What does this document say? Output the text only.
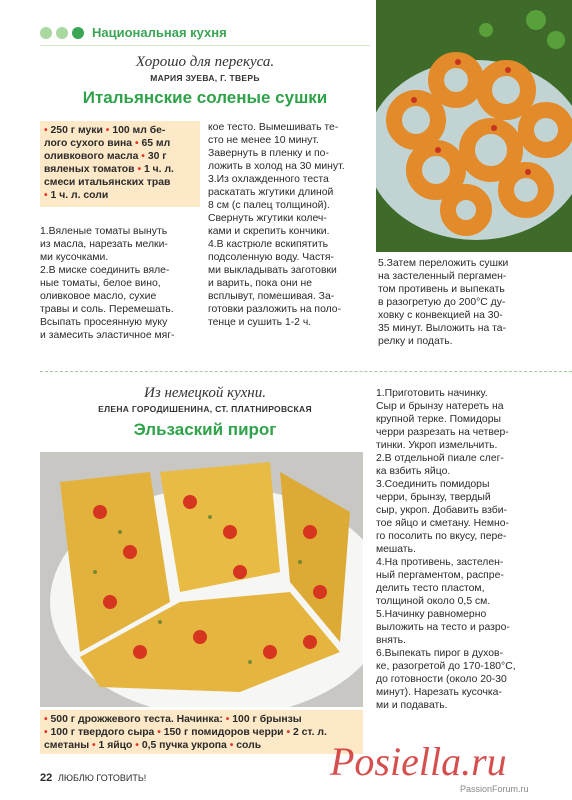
Национальная кухня
Хорошо для перекуса.
МАРИЯ ЗУЕВА, Г. ТВЕРЬ
Итальянские соленые сушки
• 250 г муки • 100 мл бе-
лого сухого вина • 65 мл
оливкового масла • 30 г
вяленых томатов • 1 ч. л.
смеси итальянских трав
• 1 ч. л. соли

1.Вяленые томаты вынуть

из масла, нарезать мелки-

ми кусочками.

2.В миске соединить вяле-

ные томаты, белое вино,

оливковое масло, сухие

травы и соль. Перемешать.

Всыпать просеянную муку

и замесить эластичное мяг-

кое тесто. Вымешивать те-

сто не менее 10 минут.

Завернуть в пленку и по-

ложить в холод на 30 минут.

3.Из охлажденного теста

раскатать жгутики длиной

8 см (с палец толщиной).

Свернуть жгутики колеч-

ками и скрепить кончики.

4.В кастрюле вскипятить

подсоленную воду. Частя-

ми выкладывать заготовки

и варить, пока они не

всплывут, помешивая. За-

готовки разложить на поло-

тенце и сушить 1-2 ч.

5.Затем переложить сушки

на застеленный пергамен-

том противень и выпекать

в разогретую до 200°С ду-

ховку с конвекцией на 30-

35 минут. Выложить на та-

релку и подать.

Из немецкой кухни.
ЕЛЕНА ГОРОДИШЕНИНА, СТ. ПЛАТНИРОВСКАЯ
Эльзаский пирог
• 500 г дрожжевого теста. Начинка: • 100 г брынзы
• 100 г твердого сыра • 150 г помидоров черри • 2 ст. л.
сметаны • 1 яйцо • 0,5 пучка укропа • соль

1.Приготовить начинку.

Сыр и брынзу натереть на

крупной терке. Помидоры

черри разрезать на четвер-

тинки. Укроп измельчить.

2.В отдельной пиале слег-

ка взбить яйцо.

3.Соединить помидоры

черри, брынзу, твердый

сыр, укроп. Добавить взби-

тое яйцо и сметану. Немно-

го посолить по вкусу, пере-

мешать.

4.На противень, застелен-

ный пергаментом, распре-

делить тесто пластом,

толщиной около 0,5 см.

5.Начинку равномерно

выложить на тесто и разро-

внять.

6.Выпекать пирог в духов-

ке, разогретой до 170-180°С,

до готовности (около 20-30

минут). Нарезать кусочка-

ми и подавать.

22 ЛЮБЛЮ ГОТОВИТЬ!	Posiella.ru
PassionForum.ru
